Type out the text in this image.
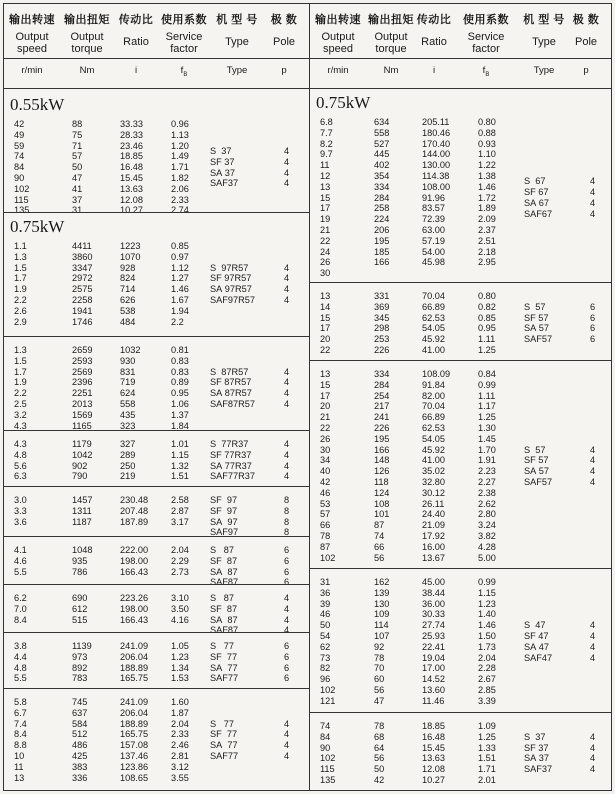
输出转速 输出扭矩 传动比 使用系数 机 型 号	极 数
Output
speed
Output
torque
Ratio	Service
factor
Type	Pole
r/min	Nm	i	$f_B$	Type	p
0.55kW
42	88	33.33	0.96
49	75	28.33	1.13
59	71	23.46	1.20
74	57	18.85	1.49
84	50	16.48	1.71
90	47	15.45	1.82
102	41	13.63	2.06
115	37	12.08	2.33
135	31	10.27	2.74
S  37	4
SF 37	4
SA 37	4
SAF37	4
0.75kW
1.1	4411	1223	0.85
1.3	3860	1070	0.97
1.5	3347	928	1.12
1.7	2972	824	1.27
1.9	2575	714	1.46
2.2	2258	626	1.67
2.6	1941	538	1.94
2.9	1746	484	2.2
S  97R57	4
SF 97R57	4
SA 97R57	4
SAF97R57	4
1.3	2659	1032	0.81
1.5	2593	930	0.83
1.7	2569	831	0.83
1.9	2396	719	0.89
2.2	2251	624	0.95
2.5	2013	558	1.06
3.2	1569	435	1.37
4.3	1165	323	1.84
S  87R57	4
SF 87R57	4
SA 87R57	4
SAF87R57	4
4.3	1179	327	1.01
4.8	1042	289	1.15
5.6	902	250	1.32
6.3	790	219	1.51
S  77R37	4
SF 77R37	4
SA 77R37	4
SAF77R37	4
3.0	1457	230.48 2.58
3.3	1311	207.48 2.87
3.6	1187	187.89 3.17
SF  97	8
SF  97	8
SA  97	8
SAF97	8
4.1	1048	222.00 2.04
4.6	935	198.00 2.29
5.5	786	166.43 2.73
S   87	6
SF  87	6
SA  87	6
SAF87	6
6.2	690	223.26 3.10
7.0	612	198.00 3.50
8.4	515	166.43 4.16
S   87	4
SF  87	4
SA  87	4
SAF87	4
3.8	1139	241.09 1.05
4.4	973	206.04 1.23
4.8	892	188.89 1.34
5.5	783	165.75 1.53
S   77	6
SF  77	6
SA  77	6
SAF77	6
5.8	745	241.09 1.60
6.7	637	206.04 1.87
7.4	584	188.89 2.04
8.4	512	165.75 2.33
8.8	486	157.08 2.46
10	425	137.46 2.81
11	383	123.86 3.12
13	336	108.65 3.55
S   77	4
SF  77	4
SA  77	4
SAF77	4
输出转速 输出扭矩 传动比 使用系数	机 型 号 极 数
Output
speed
Output
torque
Ratio	Service
factor
Type	Pole
r/min	Nm	i	$f_B$	Type	p
0.75kW
6.8	634	205.11	0.80
7.7	558	180.46	0.88
8.2	527	170.40	0.93
9.7	445	144.00	1.10
11	402	130.00	1.22
12	354	114.38	1.38
13	334	108.00	1.46
15	284	91.96	1.72
17	258	83.57	1.89
19	224	72.39	2.09
21	206	63.00	2.37
22	195	57.19	2.51
24	185	54.00	2.18
26	166	45.98	2.95
30
S  67	4
SF 67	4
SA 67	4
SAF67	4
13	331	70.04	0.80
14	369	66.89	0.82
15	345	62.53	0.85
17	298	54.05	0.95
20	253	45.92	1.11
22	226	41.00	1.25
S  57	6
SF 57	6
SA 57	6
SAF57	6
13	334	108.09	0.84
15	284	91.84	0.99
17	254	82.00	1.11
20	217	70.04	1.17
21	241	66.89	1.25
22	226	62.53	1.30
26	195	54.05	1.45
30	166	45.92	1.70
34	148	41.00	1.91
40	126	35.02	2.23
42	118	32.80	2.27
46	124	30.12	2.38
53	108	26.11	2.62
57	101	24.40	2.80
66	87	21.09	3.24
78	74	17.92	3.82
87	66	16.00	4.28
102	56	13.67	5.00
S  57	4
SF 57	4
SA 57	4
SAF57	4
31	162	45.00	0.99
36	139	38.44	1.15
39	130	36.00	1.23
46	109	30.33	1.40
50	114	27.74	1.46
54	107	25.93	1.50
62	92	22.41	1.73
73	78	19.04	2.04
82	70	17.00	2.28
96	60	14.52	2.67
102	56	13.60	2.85
121	47	11.46	3.39
S  47	4
SF 47	4
SA 47	4
SAF47	4
74	78	18.85	1.09
84	68	16.48	1.25
90	64	15.45	1.33
102	56	13.63	1.51
115	50	12.08	1.71
135	42	10.27	2.01
S  37	4
SF 37	4
SA 37	4
SAF37	4
